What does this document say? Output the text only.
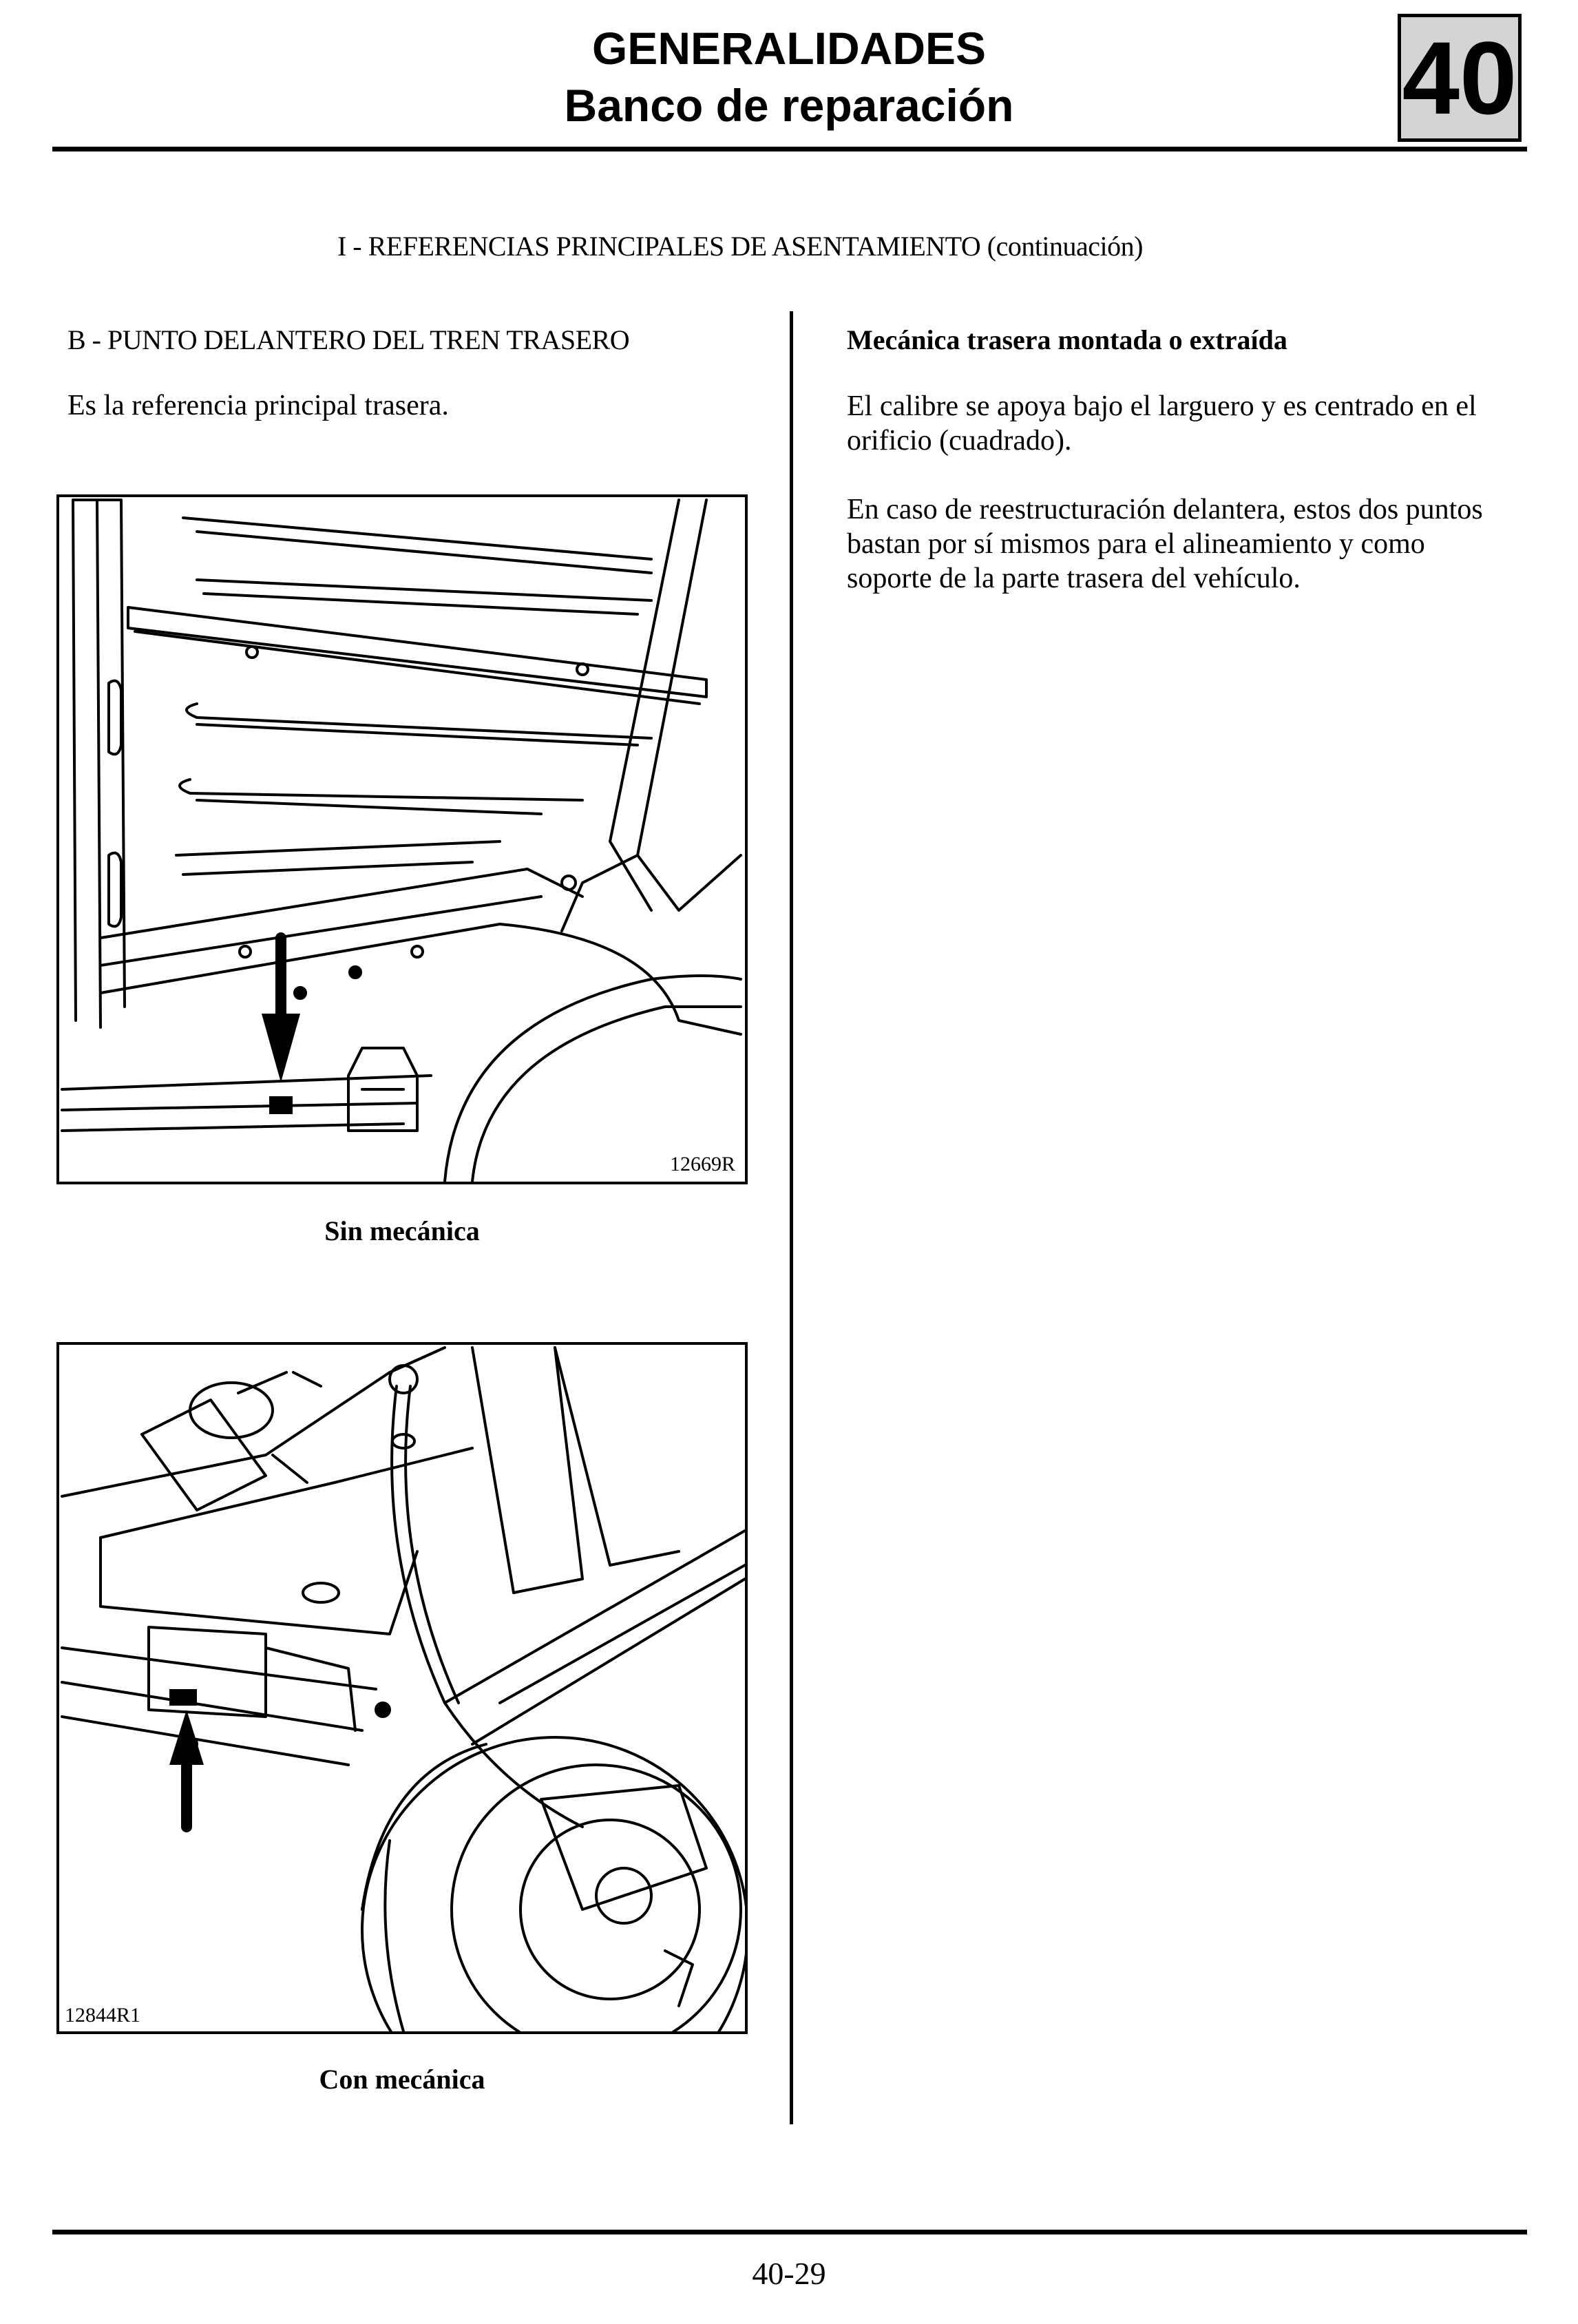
GENERALIDADES
Banco de reparación	40
I - REFERENCIAS PRINCIPALES DE ASENTAMIENTO (continuación)
B - PUNTO DELANTERO DEL TREN TRASERO
Es la referencia principal trasera.
12669R
Sin mecánica
12844R1
Con mecánica
Mecánica trasera montada o extraída
El calibre se apoya bajo el larguero y es centrado en el orificio (cuadrado).
En caso de reestructuración delantera, estos dos puntos bastan por sí mismos para el alineamiento y como soporte de la parte trasera del vehículo.
40-29
